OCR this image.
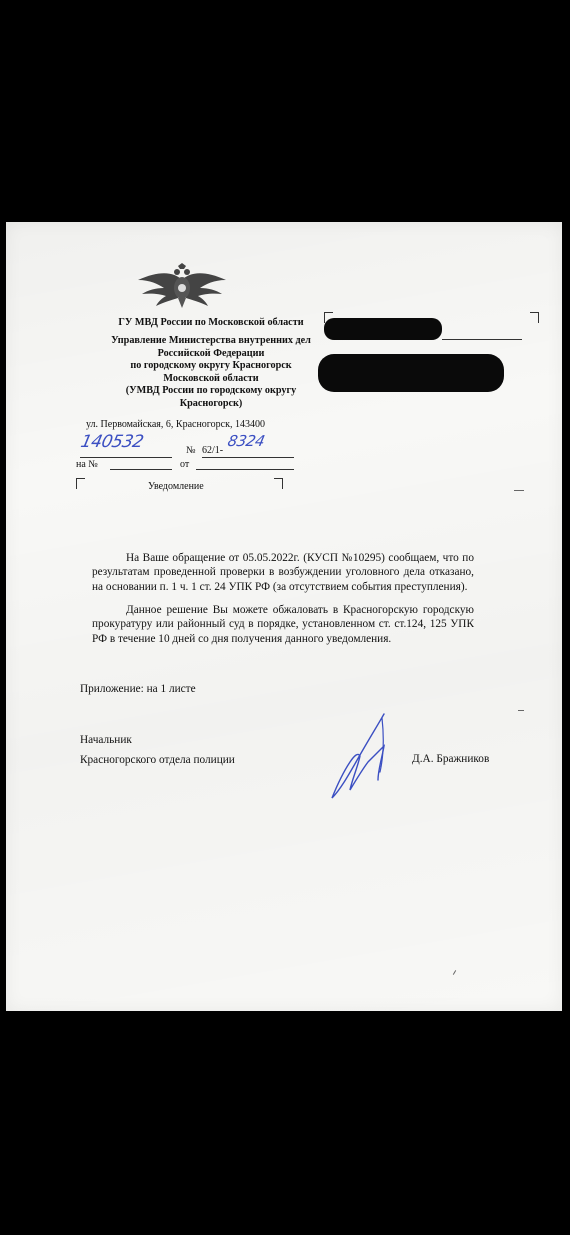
ГУ МВД России по Московской области
Управление Министерства внутренних дел
Российской Федерации
по городскому округу Красногорск
Московской области
(УМВД России по городскому округу
Красногорск)
ул. Первомайская, 6, Красногорск, 143400
140532	№ 62/1-
8324
на №	от
Уведомление
На Ваше обращение от 05.05.2022г. (КУСП №10295) сообщаем, что по результатам проведенной проверки в возбуждении уголовного дела отказано, на основании п. 1 ч. 1 ст. 24 УПК РФ (за отсутствием события преступления).
Данное решение Вы можете обжаловать в Красногорскую городскую прокуратуру или районный суд в порядке, установленном ст. ст.124, 125 УПК РФ в течение 10 дней со дня получения данного уведомления.
Приложение: на 1 листе
Начальник
Красногорского отдела полиции	Д.А. Бражников
